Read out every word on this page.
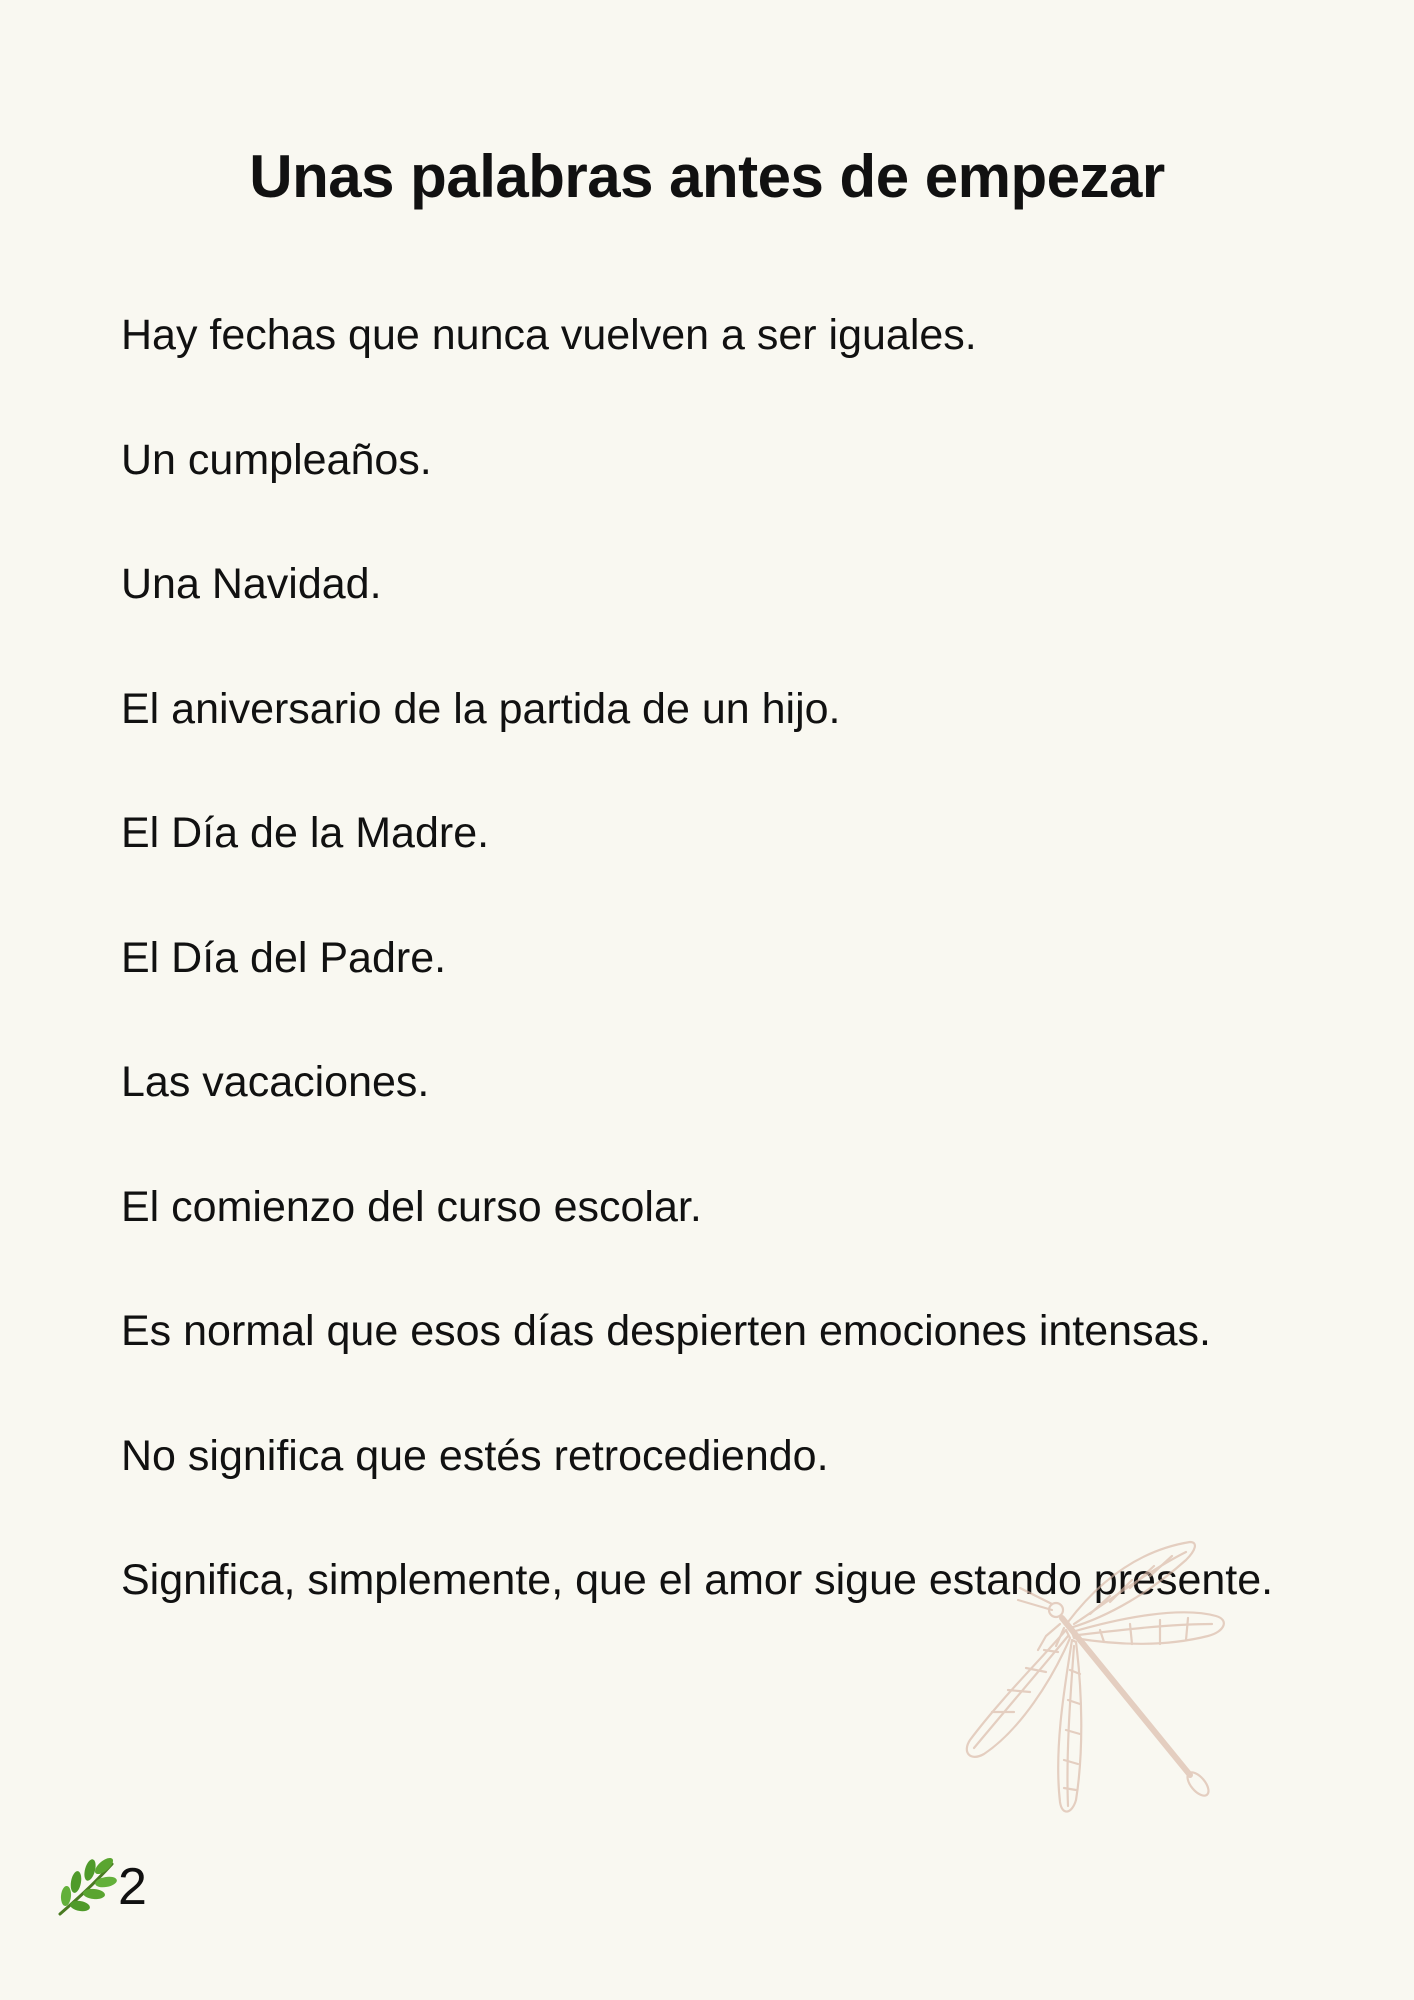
Unas palabras antes de empezar

Hay fechas que nunca vuelven a ser iguales.

Un cumpleaños.

Una Navidad.

El aniversario de la partida de un hijo.

El Día de la Madre.

El Día del Padre.

Las vacaciones.

El comienzo del curso escolar.

Es normal que esos días despierten emociones intensas.

No significa que estés retrocediendo.

Significa, simplemente, que el amor sigue estando presente.

2
